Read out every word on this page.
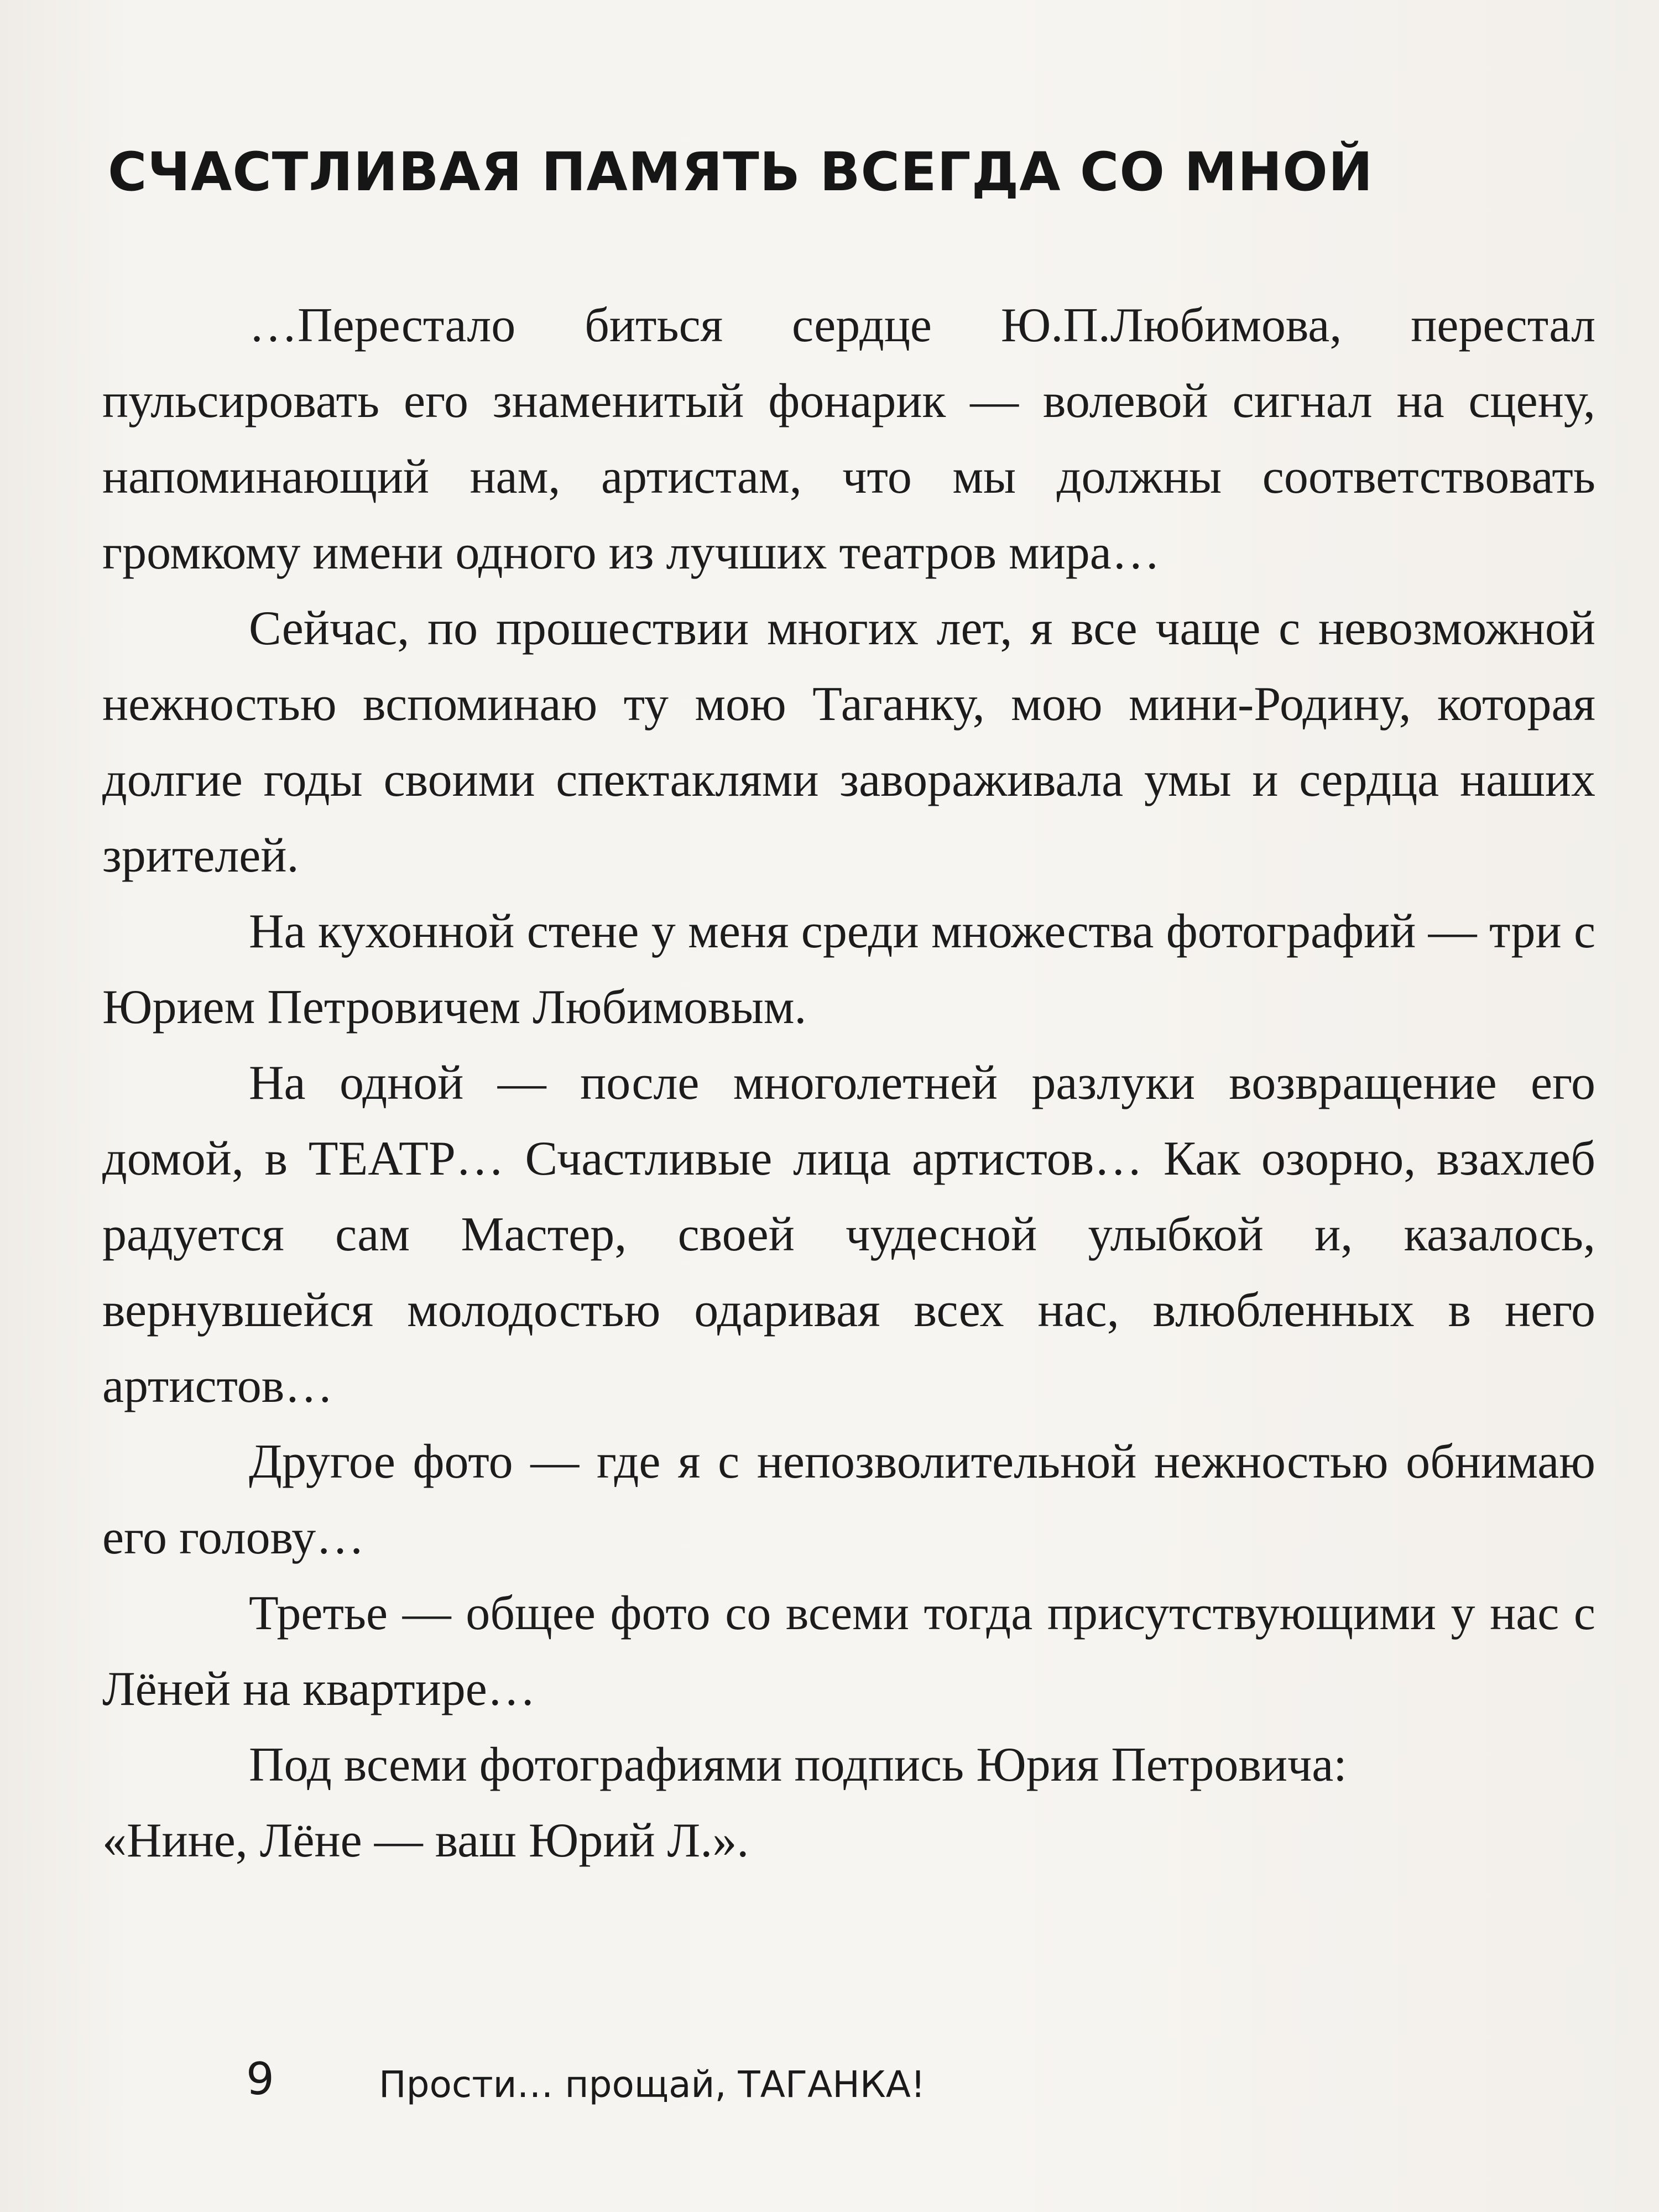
СЧАСТЛИВАЯ ПАМЯТЬ ВСЕГДА СО МНОЙ

…Перестало биться сердце Ю.П.Любимова, перестал пульсировать его знаменитый фонарик — волевой сигнал на сцену, напоминающий нам, артистам, что мы должны соответствовать громкому имени одного из лучших театров мира…

Сейчас, по прошествии многих лет, я все чаще с невозможной нежностью вспоминаю ту мою Таганку, мою мини-Родину, которая долгие годы своими спектаклями завораживала умы и сердца наших зрителей.

На кухонной стене у меня среди множества фотографий — три с Юрием Петровичем Любимовым.

На одной — после многолетней разлуки возвращение его домой, в ТЕАТР… Счастливые лица артистов… Как озорно, взахлеб радуется сам Мастер, своей чудесной улыбкой и, казалось, вернувшейся молодостью одаривая всех нас, влюбленных в него артистов…

Другое фото — где я с непозволительной нежностью обнимаю его голову…

Третье — общее фото со всеми тогда присутствующими у нас с Лёней на квартире…

Под всеми фотографиями подпись Юрия Петровича:

«Нине, Лёне — ваш Юрий Л.».

9	Прости… прощай, ТАГАНКА!
